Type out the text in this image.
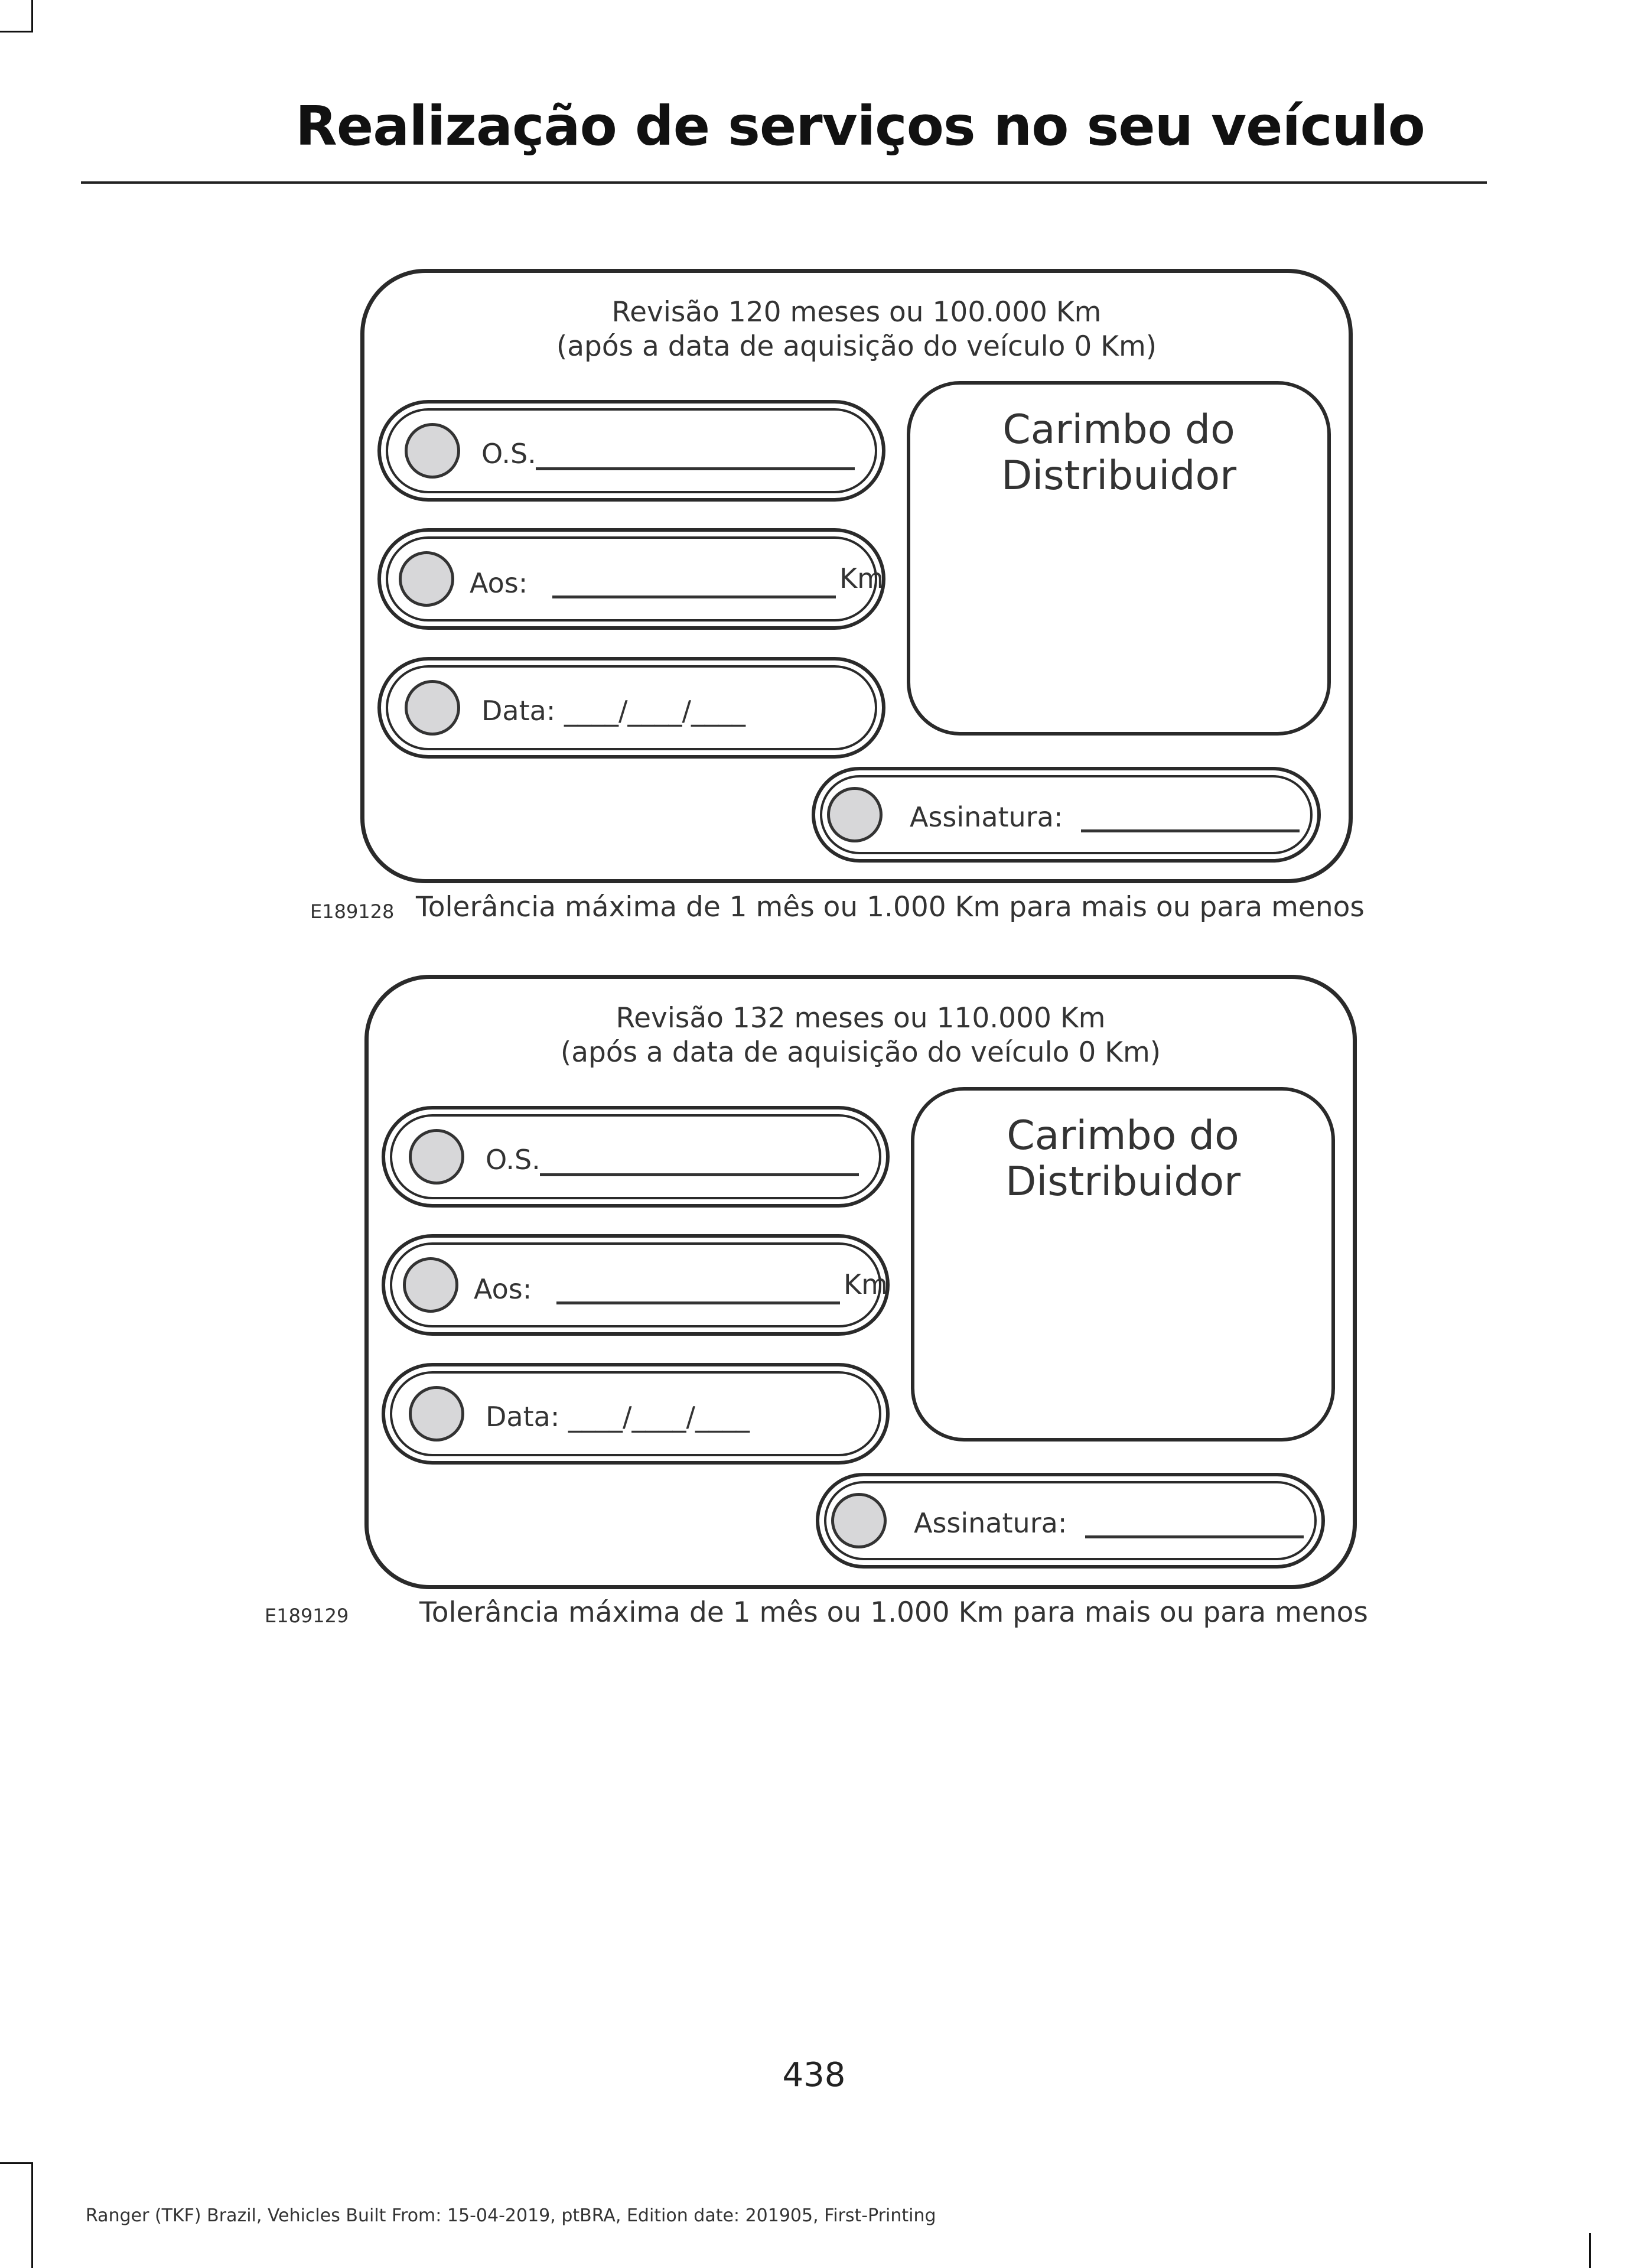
Realização de serviços no seu veículo
Revisão 120 meses ou 100.000 Km
(após a data de aquisição do veículo 0 Km)
O.S.
Aos:	Km
Data: ____/____/____
Carimbo do
Distribuidor
Assinatura:
E189128 Tolerância máxima de 1 mês ou 1.000 Km para mais ou para menos
Revisão 132 meses ou 110.000 Km
(após a data de aquisição do veículo 0 Km)
O.S.
Aos:	Km
Data: ____/____/____
Carimbo do
Distribuidor
Assinatura:
E189129	Tolerância máxima de 1 mês ou 1.000 Km para mais ou para menos
438
Ranger (TKF) Brazil, Vehicles Built From: 15-04-2019, ptBRA, Edition date: 201905, First-Printing
